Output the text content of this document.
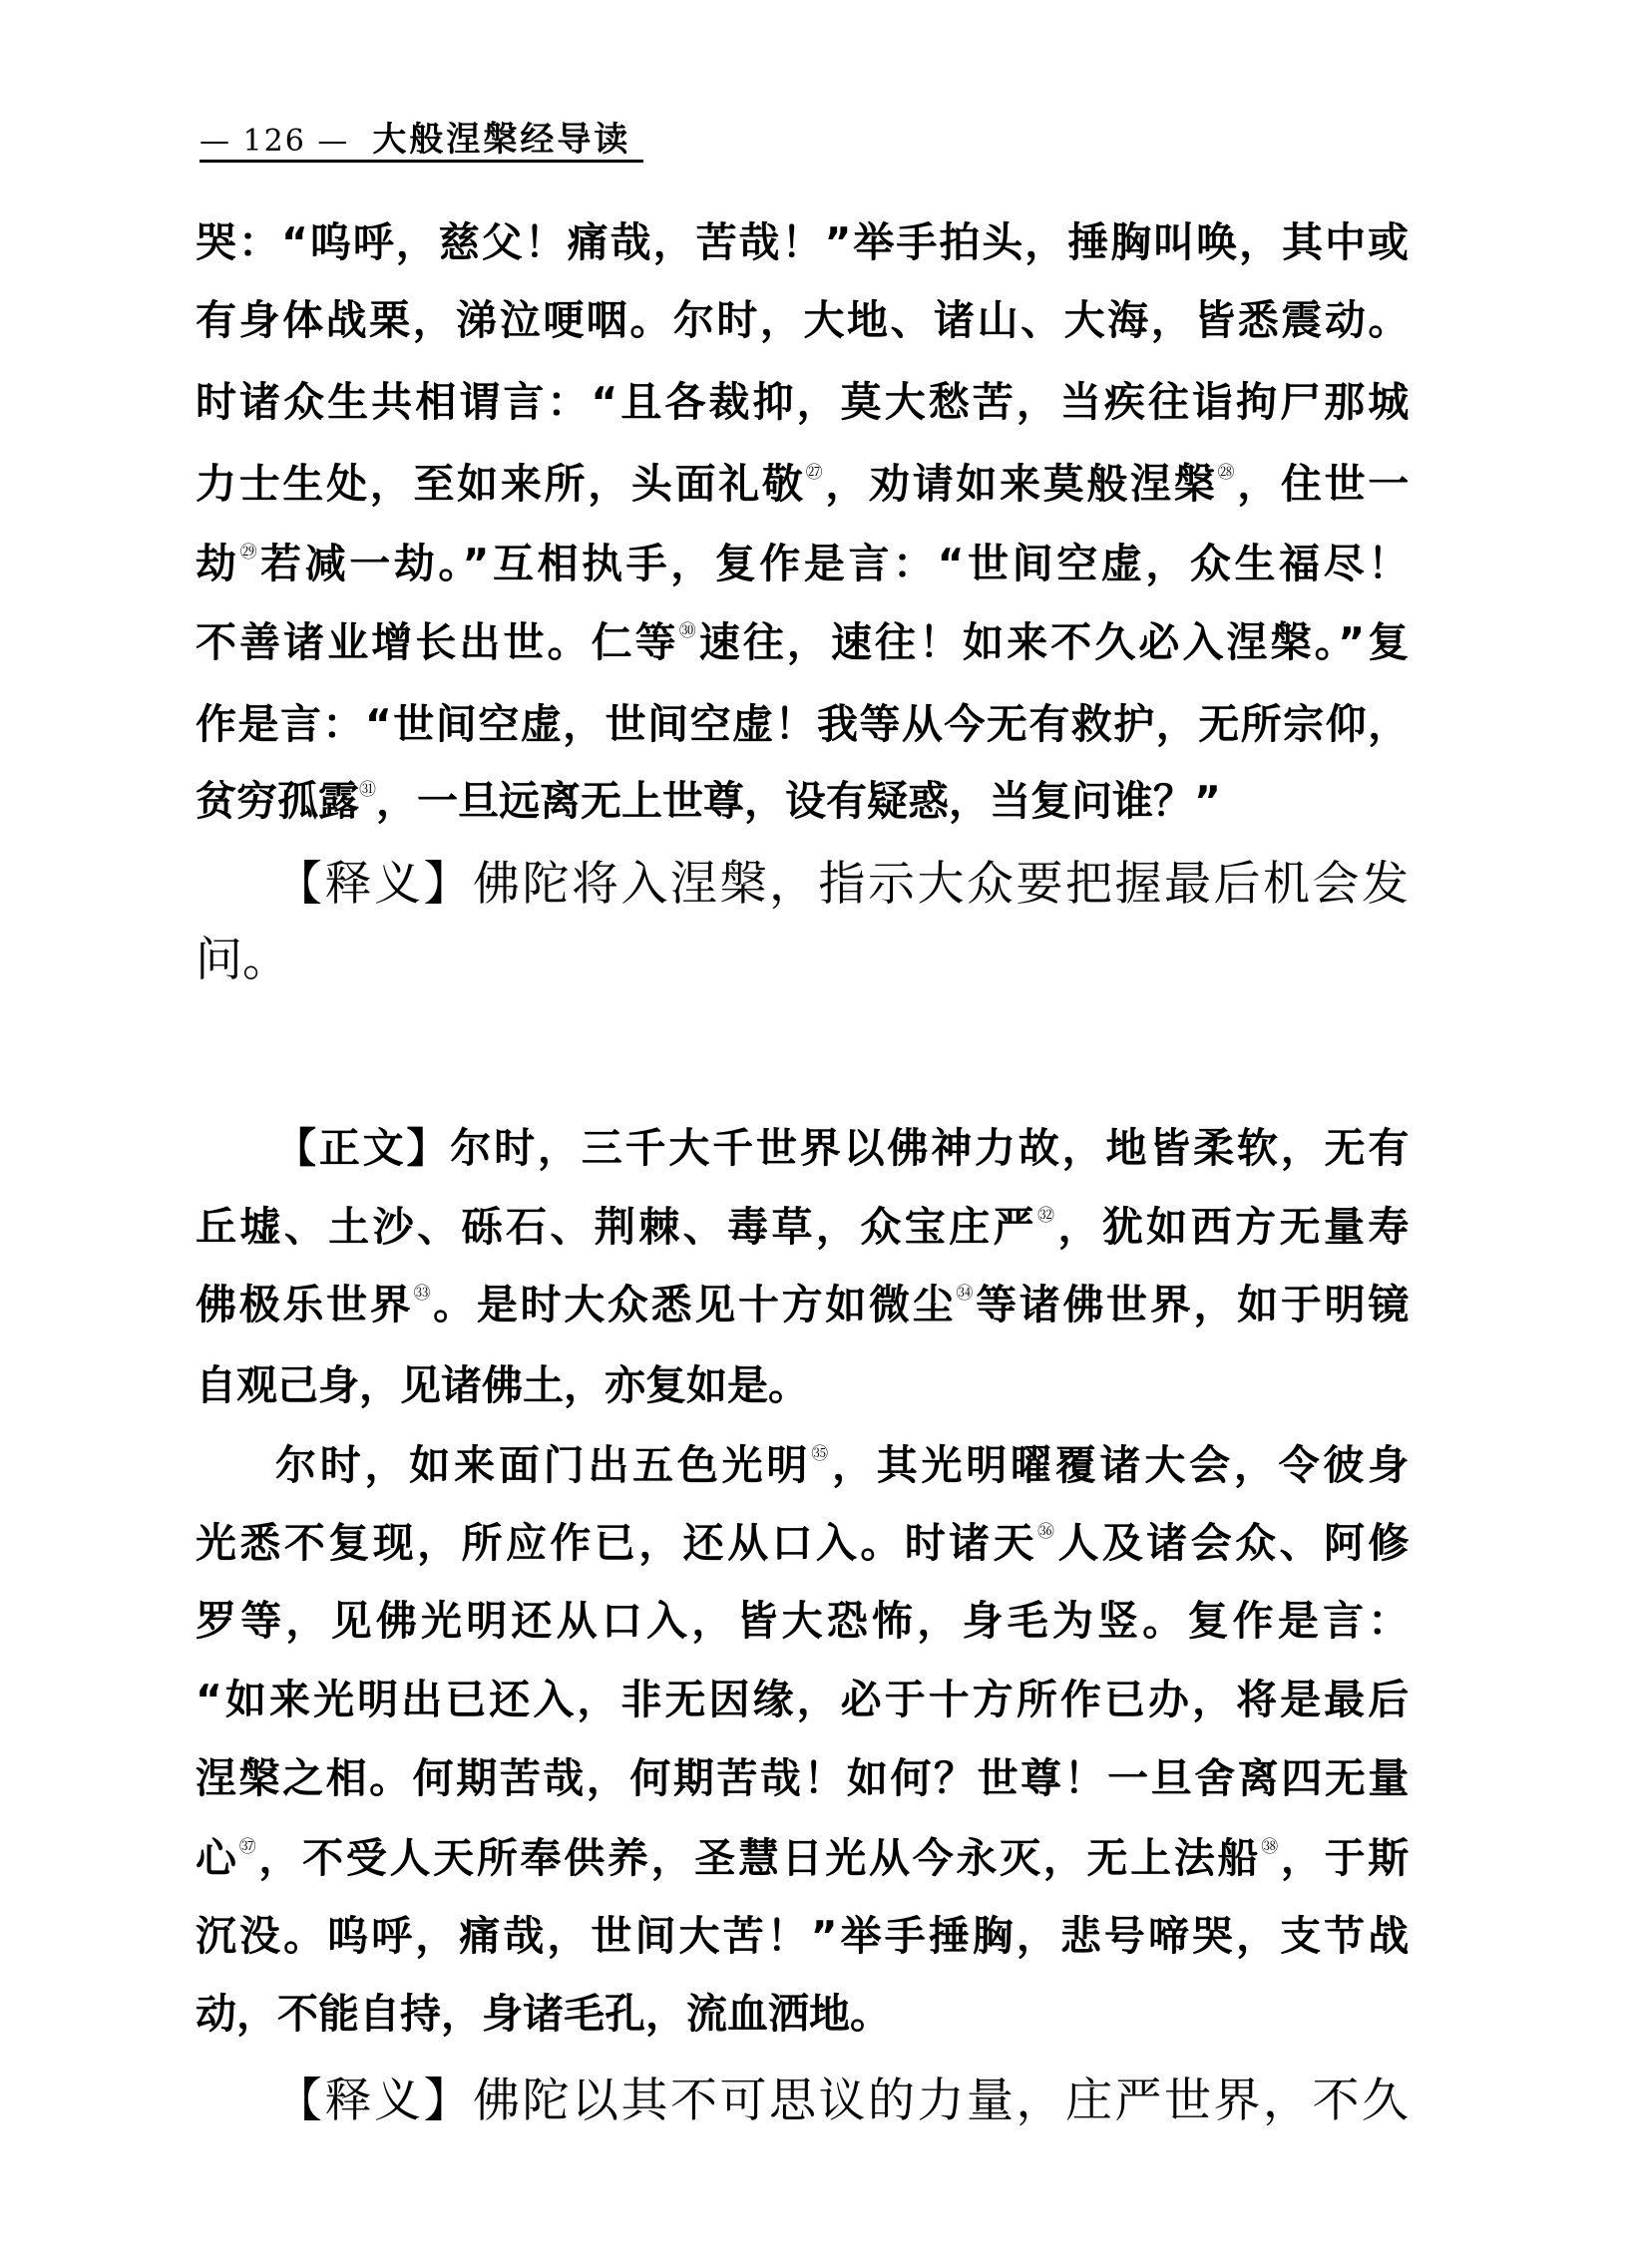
— 126 — 大般涅槃经导读
哭：“呜呼，慈父！痛哉，苦哉！”举手拍头，捶胸叫唤，其中或
有身体战栗，涕泣哽咽。尔时，大地、诸山、大海，皆悉震动。
时诸众生共相谓言：“且各裁抑，莫大愁苦，当疾往诣拘尸那城
力士生处，至如来所，头面礼敬$^㉗$，劝请如来莫般涅槃$^㉘$，住世一
劫$^㉙$若减一劫。”互相执手，复作是言：“世间空虚，众生福尽！
不善诸业增长出世。仁等$^㉚$速往，速往！如来不久必入涅槃。”复
作是言：“世间空虚，世间空虚！我等从今无有救护，无所宗仰，
贫穷孤露$^㉛$，一旦远离无上世尊，设有疑惑，当复问谁？”
【释义】佛陀将入涅槃，指示大众要把握最后机会发
问。
【正文】尔时，三千大千世界以佛神力故，地皆柔软，无有
丘墟、土沙、砾石、荆棘、毒草，众宝庄严$^㉜$，犹如西方无量寿
佛极乐世界$^㉝$。是时大众悉见十方如微尘$^㉞$等诸佛世界，如于明镜
自观己身，见诸佛土，亦复如是。
尔时，如来面门出五色光明$^㉟$，其光明曜覆诸大会，令彼身
光悉不复现，所应作已，还从口入。时诸天$^㊱$人及诸会众、阿修
罗等，见佛光明还从口入，皆大恐怖，身毛为竖。复作是言：
“如来光明出已还入，非无因缘，必于十方所作已办，将是最后
涅槃之相。何期苦哉，何期苦哉！如何？世尊！一旦舍离四无量
心$^㊲$，不受人天所奉供养，圣慧日光从今永灭，无上法船$^㊳$，于斯
沉没。呜呼，痛哉，世间大苦！”举手捶胸，悲号啼哭，支节战
动，不能自持，身诸毛孔，流血洒地。
【释义】佛陀以其不可思议的力量，庄严世界，不久
